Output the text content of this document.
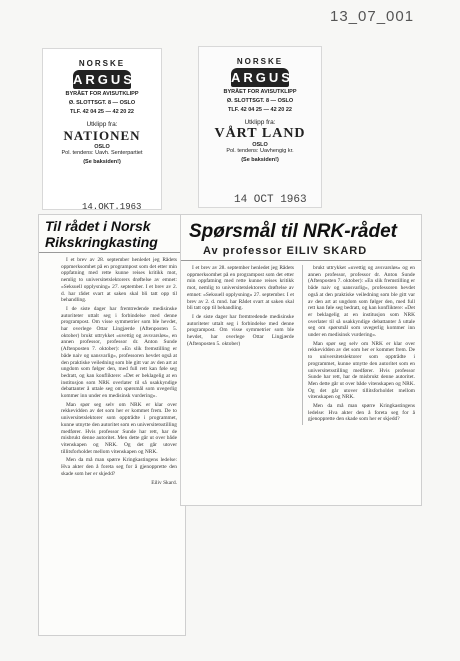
13_07_001
NORSKE
ARGUS
BYRÅET FOR AVISUTKLIPP
Ø. SLOTTSGT. 8 — OSLO
TLF. 42 04 25 — 42 20 22
Utklipp fra:
NATIONEN
OSLO
Pol. tendens: Uavh. Senterpartiet
(Se baksiden!)
14.OKT.1963
NORSKE
ARGUS
BYRÅET FOR AVISUTKLIPP
Ø. SLOTTSGT. 8 — OSLO
TLF. 42 04 25 — 42 20 22
Utklipp fra:
VÅRT LAND
OSLO
Pol. tendens: Uavhengig kr.
(Se baksiden!)
14 OCT 1963
Til rådet i Norsk
Rikskringkasting

I et brev av 28. september henledet jeg Rådets oppmerksomhet på en programpost som det etter min oppfatning med rette kunne reises kritikk mot, nemlig to universitetslektorers drøftelse av emnet: «Seksuell opplysning» 27. september. I et brev av 2. d. har rådet svart at saken skal bli tatt opp til behandling.

I de siste dager har fremtredende medisinske autoriteter uttalt seg i forbindelse med denne programpost. Om visse symmetrier som ble hevdet, har overlege Ottar Lingjærde (Aftenposten 5. oktober) brukt uttrykket «uvettig og avsvarsløs», en annen professor, professor dr. Anton Sunde (Aftenposten 7. oktober): «En slik fremstilling er både naiv og uansvarlig», professoren hevdet også at den praktiske veiledning som ble gitt var av den art at ungdom som følger den, med full rett kan føle seg bedratt, og kan konfliktere: «Det er beklagelig at en institusjon som NRK overlater til så usakkyndige debattanter å uttale seg om spørsmål som uvegerlig kommer inn under en medisinsk vurdering».

Man spør seg selv om NRK er klar over rekkevidden av det som her er kommet frem. De to universitetslektorer som opptrådte i programmet, kunne utnytte den autoritet som en universitetsstilling medfører. Hvis professor Sunde har rett, har de misbrukt denne autoritet. Men dette går ut over både vitenskapen og NRK. Og det går utover tillitsforholdet mellom vitenskapen og NRK.

Men da må man spørre Kringkastingens ledelse: Hva akter den å foreta seg for å gjenopprette den skade som her er skjedd?

Eiliv Skard.
Spørsmål til NRK-rådet
Av professor EILIV SKARD

I et brev av 28. september henledet jeg Rådets oppmerksomhet på en programpost som det etter min oppfatning med rette kunne reises kritikk mot, nemlig to universitetslektorers drøftelse av emnet: «Seksuell opplysning» 27. september. I et brev av 2. d. mnd. har Rådet svart at saken skal bli tatt opp til behandling.

I de siste dager har fremtredende medisinske autoriteter uttalt seg i forbindelse med denne programpost. Om visse symmetrier som ble hevdet, har overlege Ottar Lingjærde (Aftenposten 5. oktober)

brukt uttrykket «uvettig og avsvarsløs» og en annen professor, professor dr. Anton Sunde (Aftenposten 7. oktober): «En slik fremstilling er både naiv og uansvarlig», professoren hevdet også at den praktiske veiledning som ble gitt var av den art at ungdom som følger den, med full rett kan føle seg bedratt, og kan konfliktere: «Det er beklagelig at en institusjon som NRK overlater til så usakkyndige debattanter å uttale seg om spørsmål som uvegerlig kommer inn under en medisinsk vurdering».

Man spør seg selv om NRK er klar over rekkevidden av det som her er kommet frem. De to universitetslektorer som opptrådte i programmet, kunne utnytte den autoritet som en universitetsstilling medfører. Hvis professor Sunde har rett, har de misbrukt denne autoritet. Men dette går ut over både vitenskapen og NRK. Og det går utover tillitsforholdet mellom vitenskapen og NRK.

Men da må man spørre Kringkastingens ledelse: Hva akter den å foreta seg for å gjenopprette den skade som her er skjedd?
